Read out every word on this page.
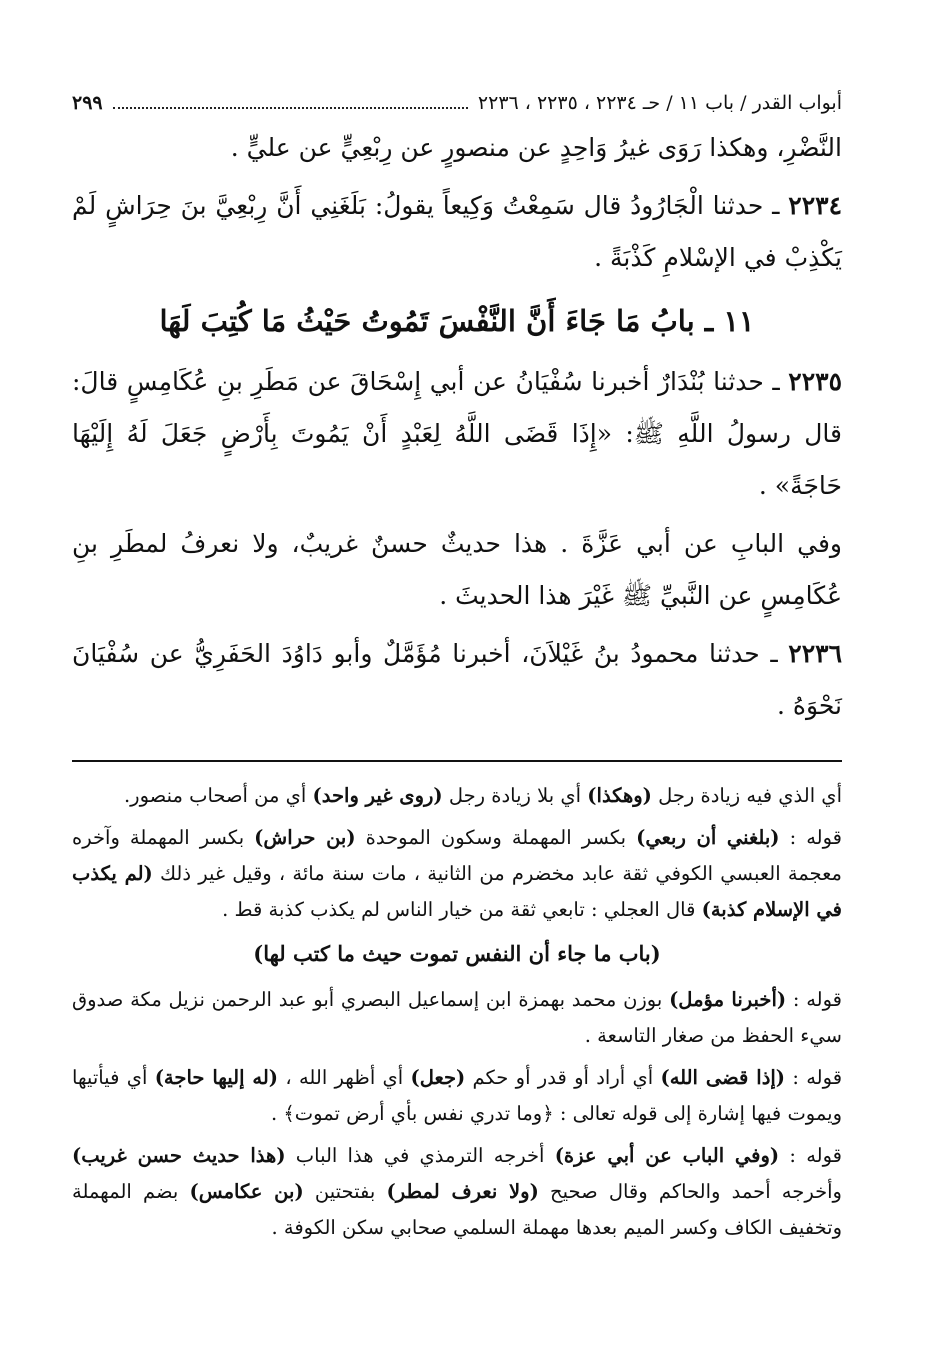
أبواب القدر / باب ١١ / حـ ٢٢٣٤ ، ٢٢٣٥ ، ٢٢٣٦
٢٩٩

النَّضْرِ، وهكذا رَوَى غيرُ وَاحِدٍ عن منصورٍ عن رِبْعِيٍّ عن عليٍّ .

٢٢٣٤ ـ حدثنا الْجَارُودُ قال سَمِعْتُ وَكِيعاً يقولُ: بَلَغَنِي أَنَّ رِبْعِيَّ بنَ حِرَاشٍ لَمْ يَكْذِبْ في الإسْلامِ كَذْبَةً .

١١ ـ بابُ مَا جَاءَ أَنَّ النَّفْسَ تَمُوتُ حَيْثُ مَا كُتِبَ لَهَا

٢٢٣٥ ـ حدثنا بُنْدَارٌ أخبرنا سُفْيَانُ عن أبي إِسْحَاقَ عن مَطَرِ بنِ عُكَامِسٍ قالَ: قال رسولُ اللَّهِ ﷺ: «إِذَا قَضَى اللَّهُ لِعَبْدٍ أَنْ يَمُوتَ بِأَرْضٍ جَعَلَ لَهُ إِلَيْهَا حَاجَةً» .

وفي البابِ عن أبي عَزَّةَ . هذا حديثٌ حسنٌ غريبٌ، ولا نعرفُ لمطَرِ بنِ عُكَامِسٍ عن النَّبيِّ ﷺ غَيْرَ هذا الحديثَ .

٢٢٣٦ ـ حدثنا محمودُ بنُ غَيْلاَنَ، أخبرنا مُؤَمَّلٌ وأبو دَاوُدَ الحَفَرِيُّ عن سُفْيَانَ نَحْوَهُ .

أي الذي فيه زيادة رجل (وهكذا) أي بلا زيادة رجل (روى غير واحد) أي من أصحاب منصور.

قوله : (بلغني أن ربعي) بكسر المهملة وسكون الموحدة (بن حراش) بكسر المهملة وآخره معجمة العبسي الكوفي ثقة عابد مخضرم من الثانية ، مات سنة مائة ، وقيل غير ذلك (لم يكذب في الإسلام كذبة) قال العجلي : تابعي ثقة من خيار الناس لم يكذب كذبة قط .

(باب ما جاء أن النفس تموت حيث ما كتب لها)

قوله : (أخبرنا مؤمل) بوزن محمد بهمزة ابن إسماعيل البصري أبو عبد الرحمن نزيل مكة صدوق سيء الحفظ من صغار التاسعة .

قوله : (إذا قضى الله) أي أراد أو قدر أو حكم (جعل) أي أظهر الله ، (له إليها حاجة) أي فيأتيها ويموت فيها إشارة إلى قوله تعالى : ﴿وما تدري نفس بأي أرض تموت﴾ .

قوله : (وفي الباب عن أبي عزة) أخرجه الترمذي في هذا الباب (هذا حديث حسن غريب) وأخرجه أحمد والحاكم وقال صحيح (ولا نعرف لمطر) بفتحتين (بن عكامس) بضم المهملة وتخفيف الكاف وكسر الميم بعدها مهملة السلمي صحابي سكن الكوفة .
